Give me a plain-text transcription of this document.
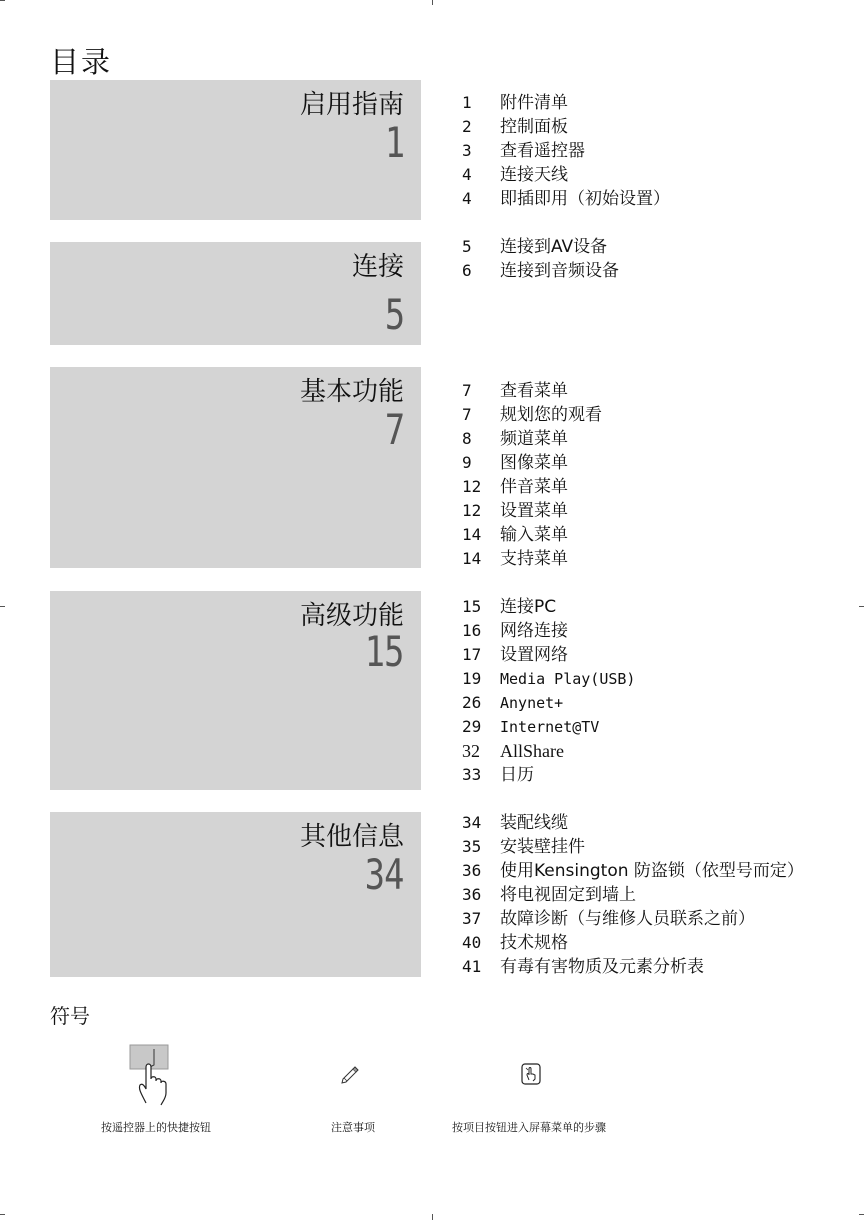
目录
启用指南
1
1	附件清单
2	控制面板
3	查看遥控器
4	连接天线
4	即插即用（初始设置）
连接
5
5	连接到AV设备
6	连接到音频设备
基本功能
7
7	查看菜单
7	规划您的观看
8	频道菜单
9	图像菜单
12	伴音菜单
12	设置菜单
14	输入菜单
14	支持菜单
高级功能
15
15	连接PC
16	网络连接
17	设置网络
19	Media Play(USB)
26	Anynet+
29	Internet@TV
32	AllShare
33	日历
其他信息
34
34	装配线缆
35	安装壁挂件
36	使用Kensington 防盗锁（依型号而定）
36	将电视固定到墙上
37	故障诊断（与维修人员联系之前）
40	技术规格
41	有毒有害物质及元素分析表
符号
按遥控器上的快捷按钮	注意事项	按项目按钮进入屏幕菜单的步骤
